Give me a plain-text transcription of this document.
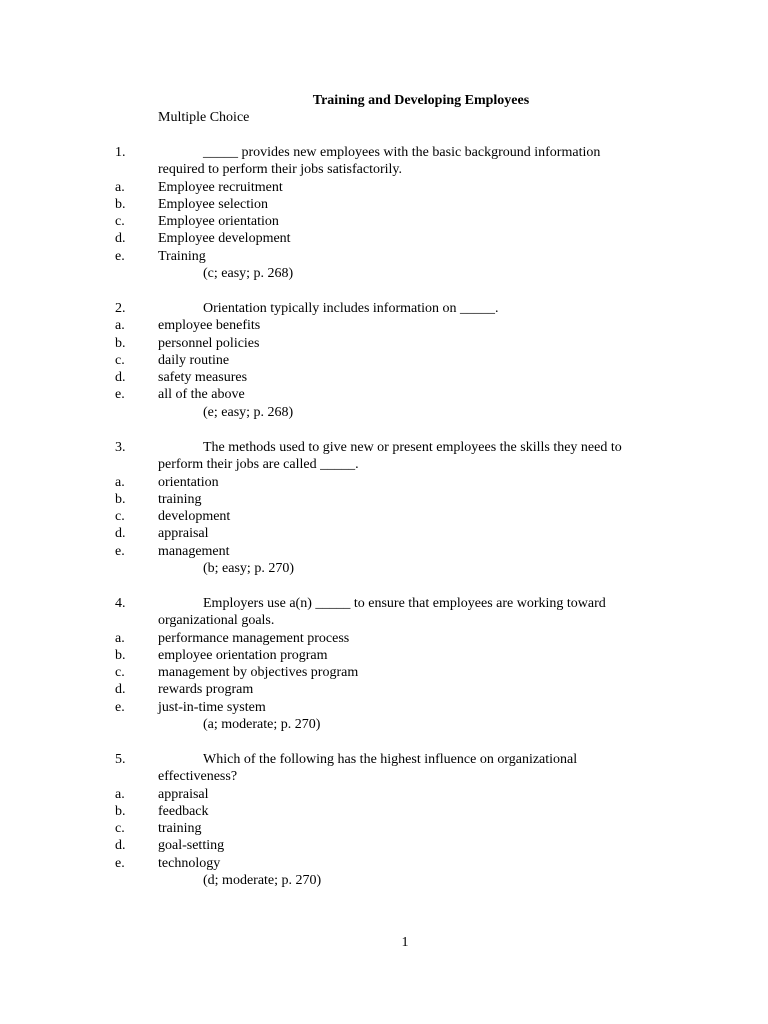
Training and Developing Employees
Multiple Choice
1.	_____ provides new employees with the basic background information
required to perform their jobs satisfactorily.
a. Employee recruitment
b. Employee selection
c. Employee orientation
d. Employee development
e. Training
(c; easy; p. 268)
2.	Orientation typically includes information on _____.
a. employee benefits
b. personnel policies
c. daily routine
d. safety measures
e. all of the above
(e; easy; p. 268)
3.	The methods used to give new or present employees the skills they need to
perform their jobs are called _____.
a. orientation
b. training
c. development
d. appraisal
e. management
(b; easy; p. 270)
4.	Employers use a(n) _____ to ensure that employees are working toward
organizational goals.
a. performance management process
b. employee orientation program
c. management by objectives program
d. rewards program
e. just-in-time system
(a; moderate; p. 270)
5.	Which of the following has the highest influence on organizational
effectiveness?
a. appraisal
b. feedback
c. training
d. goal-setting
e. technology
(d; moderate; p. 270)
1
